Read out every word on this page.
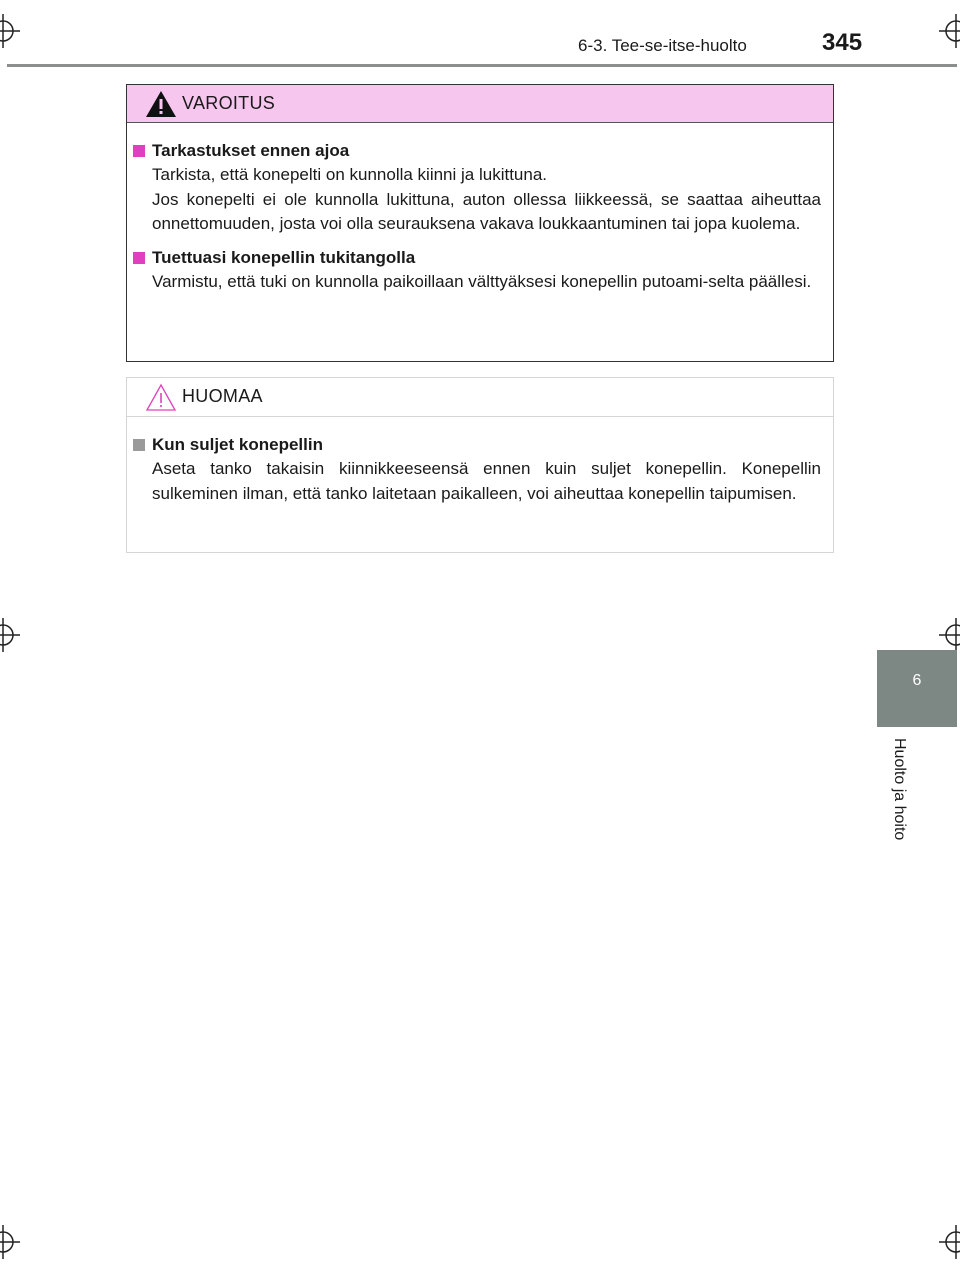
6-3. Tee-se-itse-huolto	345
6
Huolto ja hoito
VAROITUS
Tarkastukset ennen ajoa
Tarkista, että konepelti on kunnolla kiinni ja lukittuna.
Jos konepelti ei ole kunnolla lukittuna, auton ollessa liikkeessä, se saattaa aiheuttaa onnettomuuden, josta voi olla seurauksena vakava loukkaantuminen tai jopa kuolema.
Tuettuasi konepellin tukitangolla
Varmistu, että tuki on kunnolla paikoillaan välttyäksesi konepellin putoami-selta päällesi.
HUOMAA
Kun suljet konepellin
Aseta tanko takaisin kiinnikkeeseensä ennen kuin suljet konepellin. Konepellin sulkeminen ilman, että tanko laitetaan paikalleen, voi aiheuttaa konepellin taipumisen.
